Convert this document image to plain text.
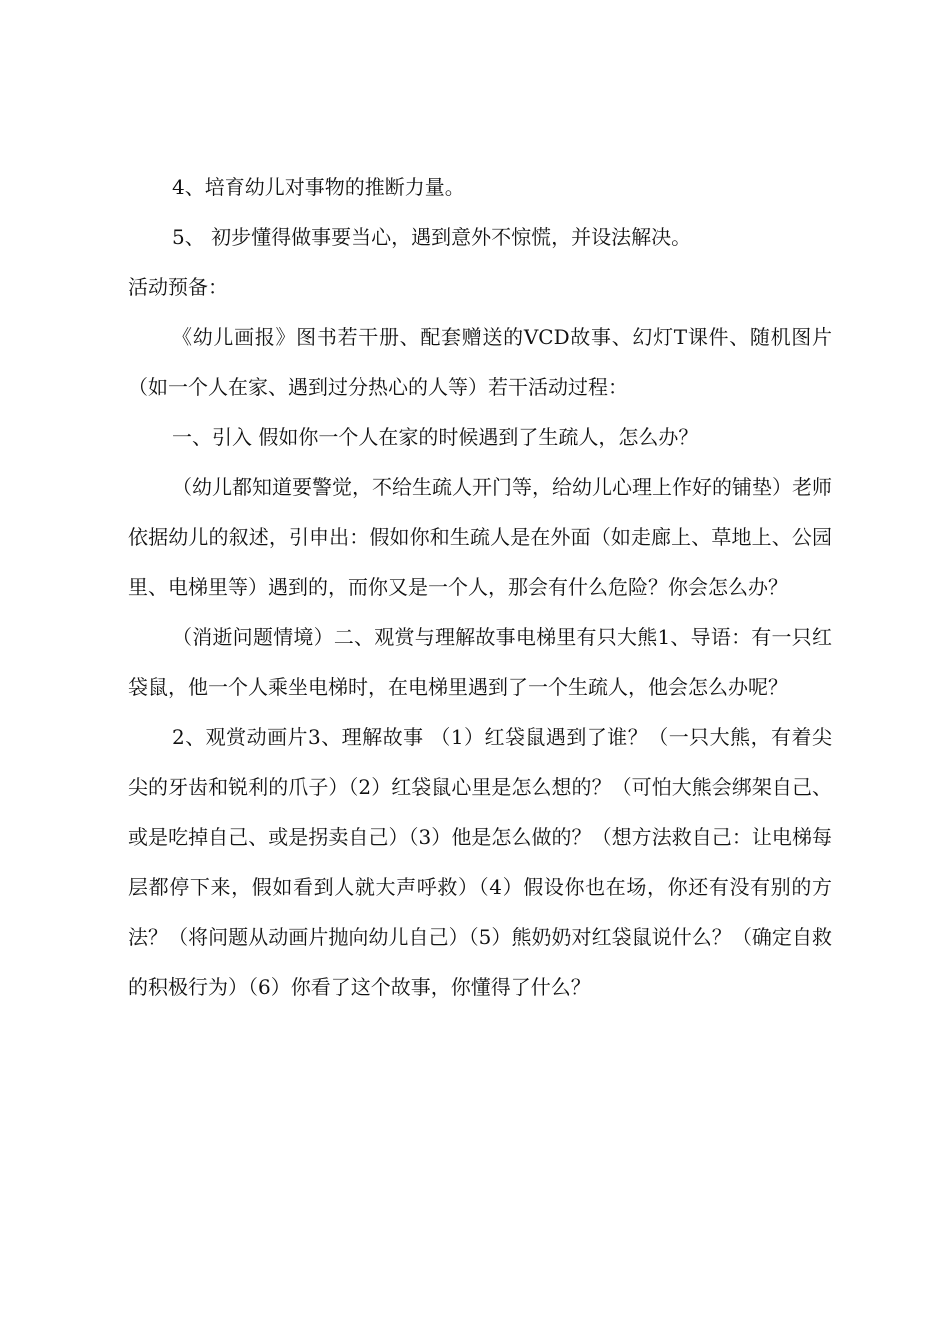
4、培育幼儿对事物的推断力量。

5、 初步懂得做事要当心，遇到意外不惊慌，并设法解决。

活动预备：

《幼儿画报》图书若干册、配套赠送的VCD故事、幻灯T课件、随机图片（如一个人在家、遇到过分热心的人等）若干活动过程：

一、引入 假如你一个人在家的时候遇到了生疏人，怎么办？

（幼儿都知道要警觉，不给生疏人开门等，给幼儿心理上作好的铺垫）老师依据幼儿的叙述，引申出：假如你和生疏人是在外面（如走廊上、草地上、公园里、电梯里等）遇到的，而你又是一个人，那会有什么危险？你会怎么办？

（消逝问题情境）二、观赏与理解故事电梯里有只大熊1、导语：有一只红袋鼠，他一个人乘坐电梯时，在电梯里遇到了一个生疏人，他会怎么办呢？

2、观赏动画片3、理解故事 （1）红袋鼠遇到了谁？（一只大熊，有着尖尖的牙齿和锐利的爪子）（2）红袋鼠心里是怎么想的？（可怕大熊会绑架自己、或是吃掉自己、或是拐卖自己）（3）他是怎么做的？（想方法救自己：让电梯每层都停下来，假如看到人就大声呼救）（4）假设你也在场，你还有没有别的方法？（将问题从动画片抛向幼儿自己）（5）熊奶奶对红袋鼠说什么？（确定自救的积极行为）（6）你看了这个故事，你懂得了什么？
